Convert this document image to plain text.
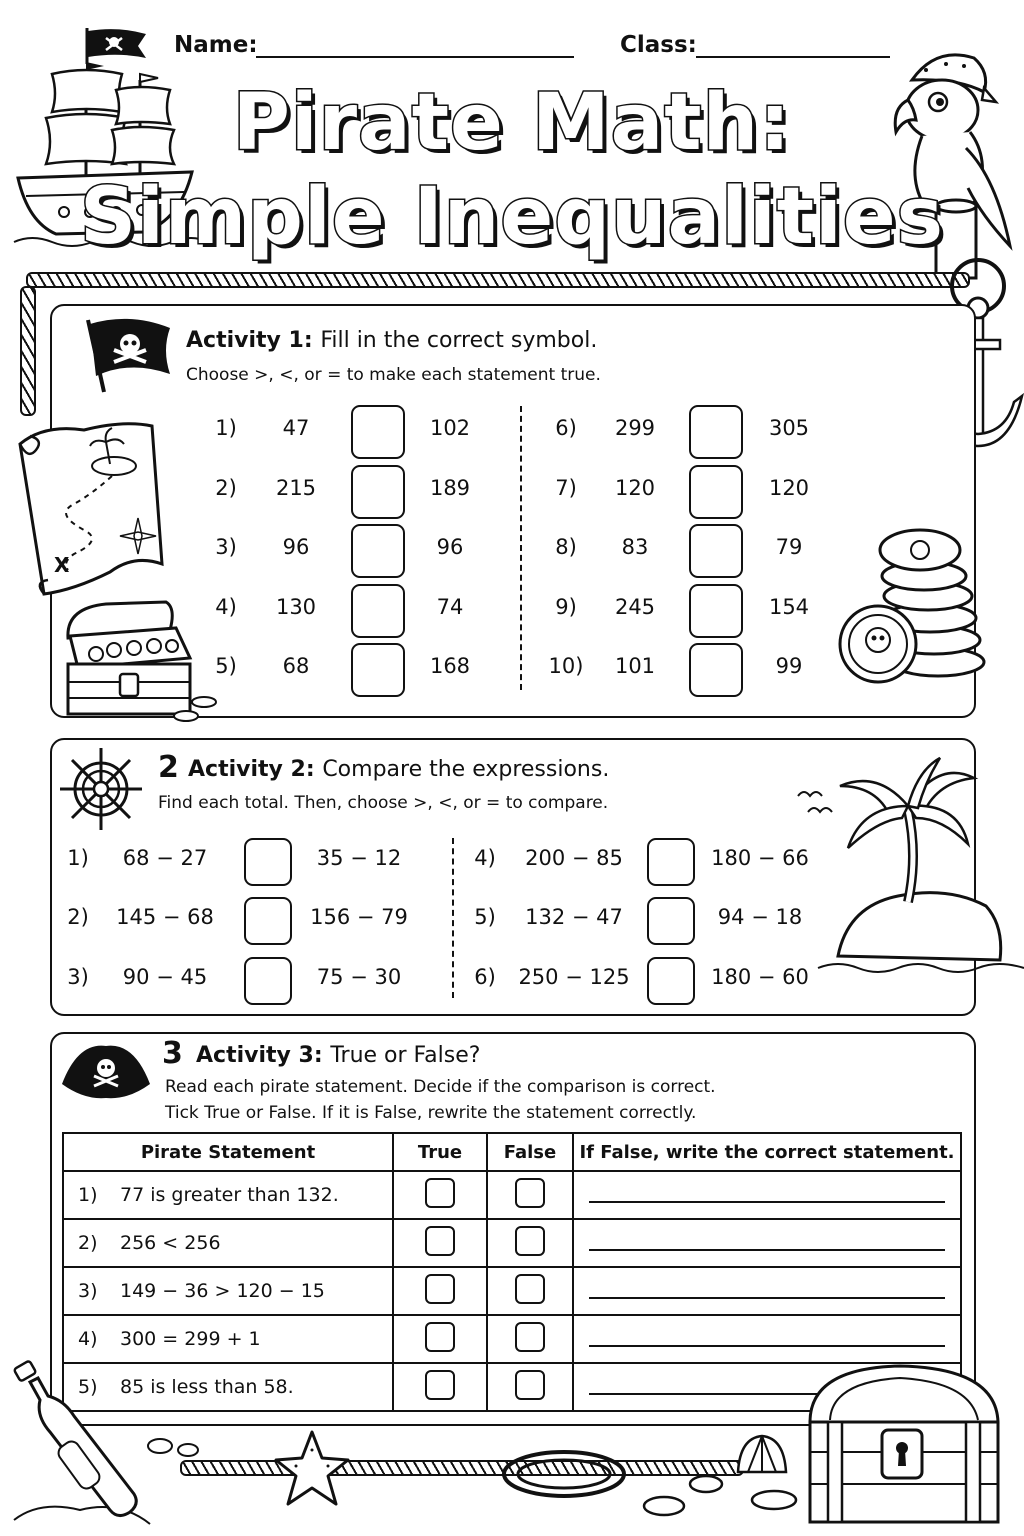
Name:	Class:
Pirate Math:
Simple Inequalities
Activity 1: Fill in the correct symbol.
Choose >, <, or = to make each statement true.
1)	47	102
2)	215	189
3)	96	96
4)	130	74
5)	68	168
6)	299	305
7)	120	120
8)	83	79
9)	245	154
10)	101	99
X
2 Activity 2: Compare the expressions.
Find each total. Then, choose >, <, or = to compare.
1)	68 − 27	35 − 12
2)	145 − 68	156 − 79
3)	90 − 45	75 − 30
4)	200 − 85	180 − 66
5)	132 − 47	94 − 18
6)	250 − 125	180 − 60
3 Activity 3: True or False?
Read each pirate statement. Decide if the comparison is correct.
Tick True or False. If it is False, rewrite the statement correctly.
Pirate Statement	True	False	If False, write the correct statement.
1) 77 is greater than 132.			

2) 256 < 256			

3) 149 − 36 > 120 − 15			

4) 300 = 299 + 1			

5) 85 is less than 58.			
